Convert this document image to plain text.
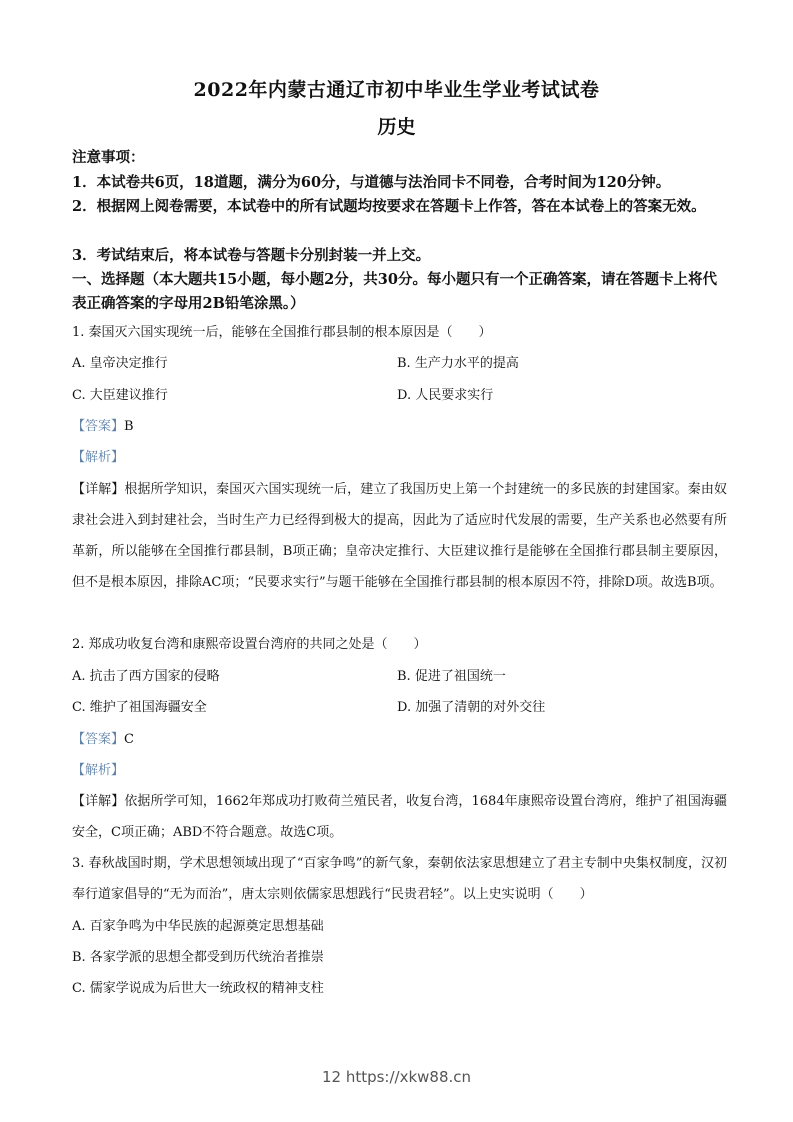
2022年内蒙古通辽市初中毕业生学业考试试卷
历史
注意事项：
1．本试卷共6页，18道题，满分为60分，与道德与法治同卡不同卷，合考时间为120分钟。
2．根据网上阅卷需要，本试卷中的所有试题均按要求在答题卡上作答，答在本试卷上的答案无效。
3．考试结束后，将本试卷与答题卡分别封装一并上交。
一、选择题（本大题共15小题，每小题2分，共30分。每小题只有一个正确答案，请在答题卡上将代表正确答案的字母用2B铅笔涂黑。）
1. 秦国灭六国实现统一后，能够在全国推行郡县制的根本原因是（　　）
A. 皇帝决定推行	B. 生产力水平的提高
C. 大臣建议推行	D. 人民要求实行
【答案】B
【解析】
【详解】根据所学知识，秦国灭六国实现统一后，建立了我国历史上第一个封建统一的多民族的封建国家。秦由奴隶社会进入到封建社会，当时生产力已经得到极大的提高，因此为了适应时代发展的需要，生产关系也必然要有所革新，所以能够在全国推行郡县制，B项正确；皇帝决定推行、大臣建议推行是能够在全国推行郡县制主要原因，但不是根本原因，排除AC项；“民要求实行”与题干能够在全国推行郡县制的根本原因不符，排除D项。故选B项。
2. 郑成功收复台湾和康熙帝设置台湾府的共同之处是（　　）
A. 抗击了西方国家的侵略	B. 促进了祖国统一
C. 维护了祖国海疆安全	D. 加强了清朝的对外交往
【答案】C
【解析】
【详解】依据所学可知，1662年郑成功打败荷兰殖民者，收复台湾，1684年康熙帝设置台湾府，维护了祖国海疆安全，C项正确；ABD不符合题意。故选C项。
3. 春秋战国时期，学术思想领域出现了“百家争鸣”的新气象，秦朝依法家思想建立了君主专制中央集权制度，汉初奉行道家倡导的“无为而治”，唐太宗则依儒家思想践行“民贵君轻”。以上史实说明（　　）
A. 百家争鸣为中华民族的起源奠定思想基础
B. 各家学派的思想全都受到历代统治者推崇
C. 儒家学说成为后世大一统政权的精神支柱
12 https://xkw88.cn
